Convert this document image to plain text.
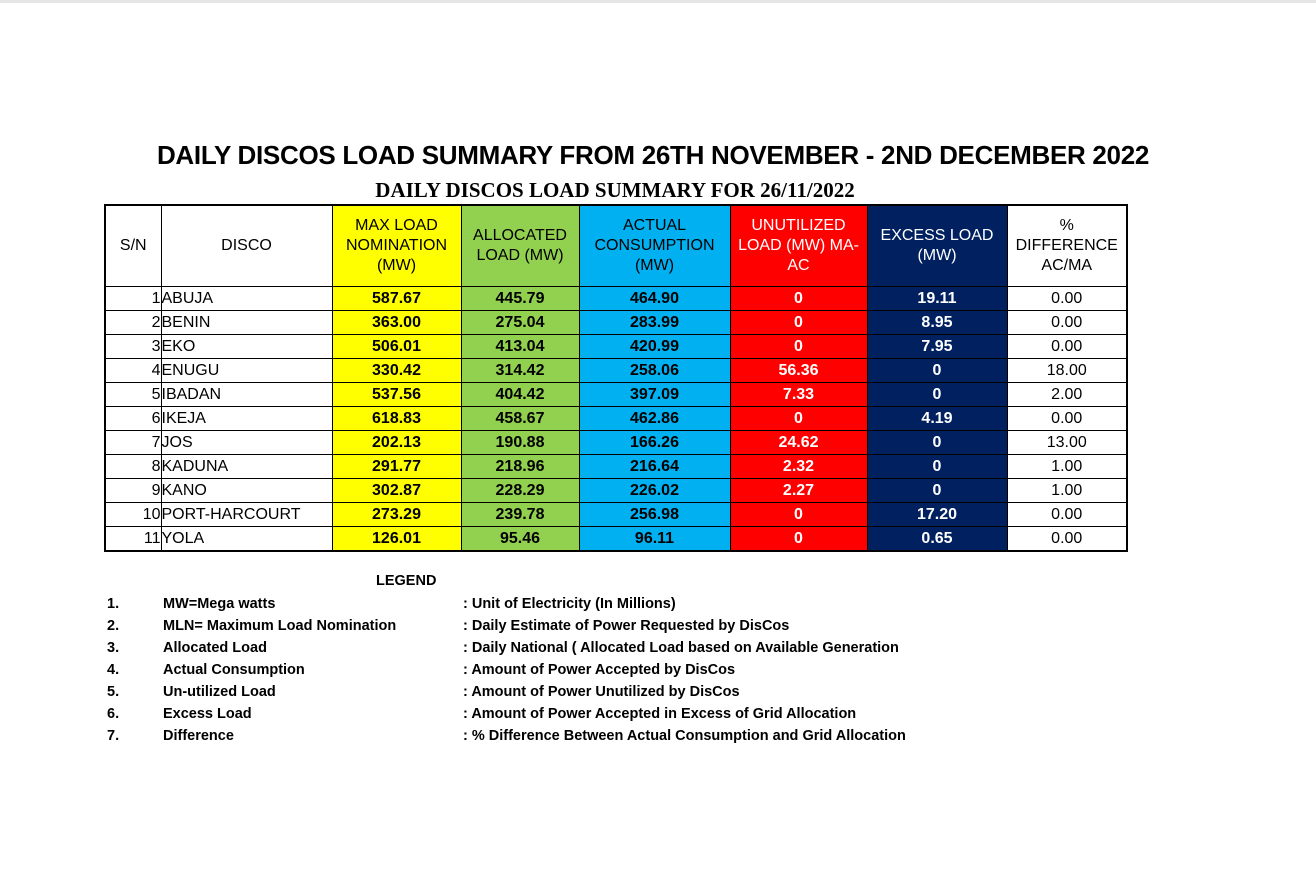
DAILY DISCOS LOAD SUMMARY FROM 26TH NOVEMBER - 2ND DECEMBER 2022
DAILY DISCOS LOAD SUMMARY FOR 26/11/2022
S/N	DISCO	MAX LOAD NOMINATION (MW)	ALLOCATED LOAD (MW)	ACTUAL CONSUMPTION (MW)	UNUTILIZED LOAD (MW) MA-AC	EXCESS LOAD (MW)	% DIFFERENCE AC/MA
1	ABUJA	587.67	445.79	464.90	0	19.11	0.00
2	BENIN	363.00	275.04	283.99	0	8.95	0.00
3	EKO	506.01	413.04	420.99	0	7.95	0.00
4	ENUGU	330.42	314.42	258.06	56.36	0	18.00
5	IBADAN	537.56	404.42	397.09	7.33	0	2.00
6	IKEJA	618.83	458.67	462.86	0	4.19	0.00
7	JOS	202.13	190.88	166.26	24.62	0	13.00
8	KADUNA	291.77	218.96	216.64	2.32	0	1.00
9	KANO	302.87	228.29	226.02	2.27	0	1.00
10	PORT-HARCOURT	273.29	239.78	256.98	0	17.20	0.00
11	YOLA	126.01	95.46	96.11	0	0.65	0.00
LEGEND
1.	MW=Mega watts	: Unit of Electricity (In Millions)
2.	MLN= Maximum Load Nomination	: Daily Estimate of Power Requested by DisCos
3.	Allocated Load	: Daily National ( Allocated Load based on Available Generation
4.	Actual Consumption	: Amount of Power Accepted by DisCos
5.	Un-utilized Load	: Amount of Power Unutilized by DisCos
6.	Excess Load	: Amount of Power Accepted in Excess of Grid Allocation
7.	Difference	: % Difference Between Actual Consumption and Grid Allocation
